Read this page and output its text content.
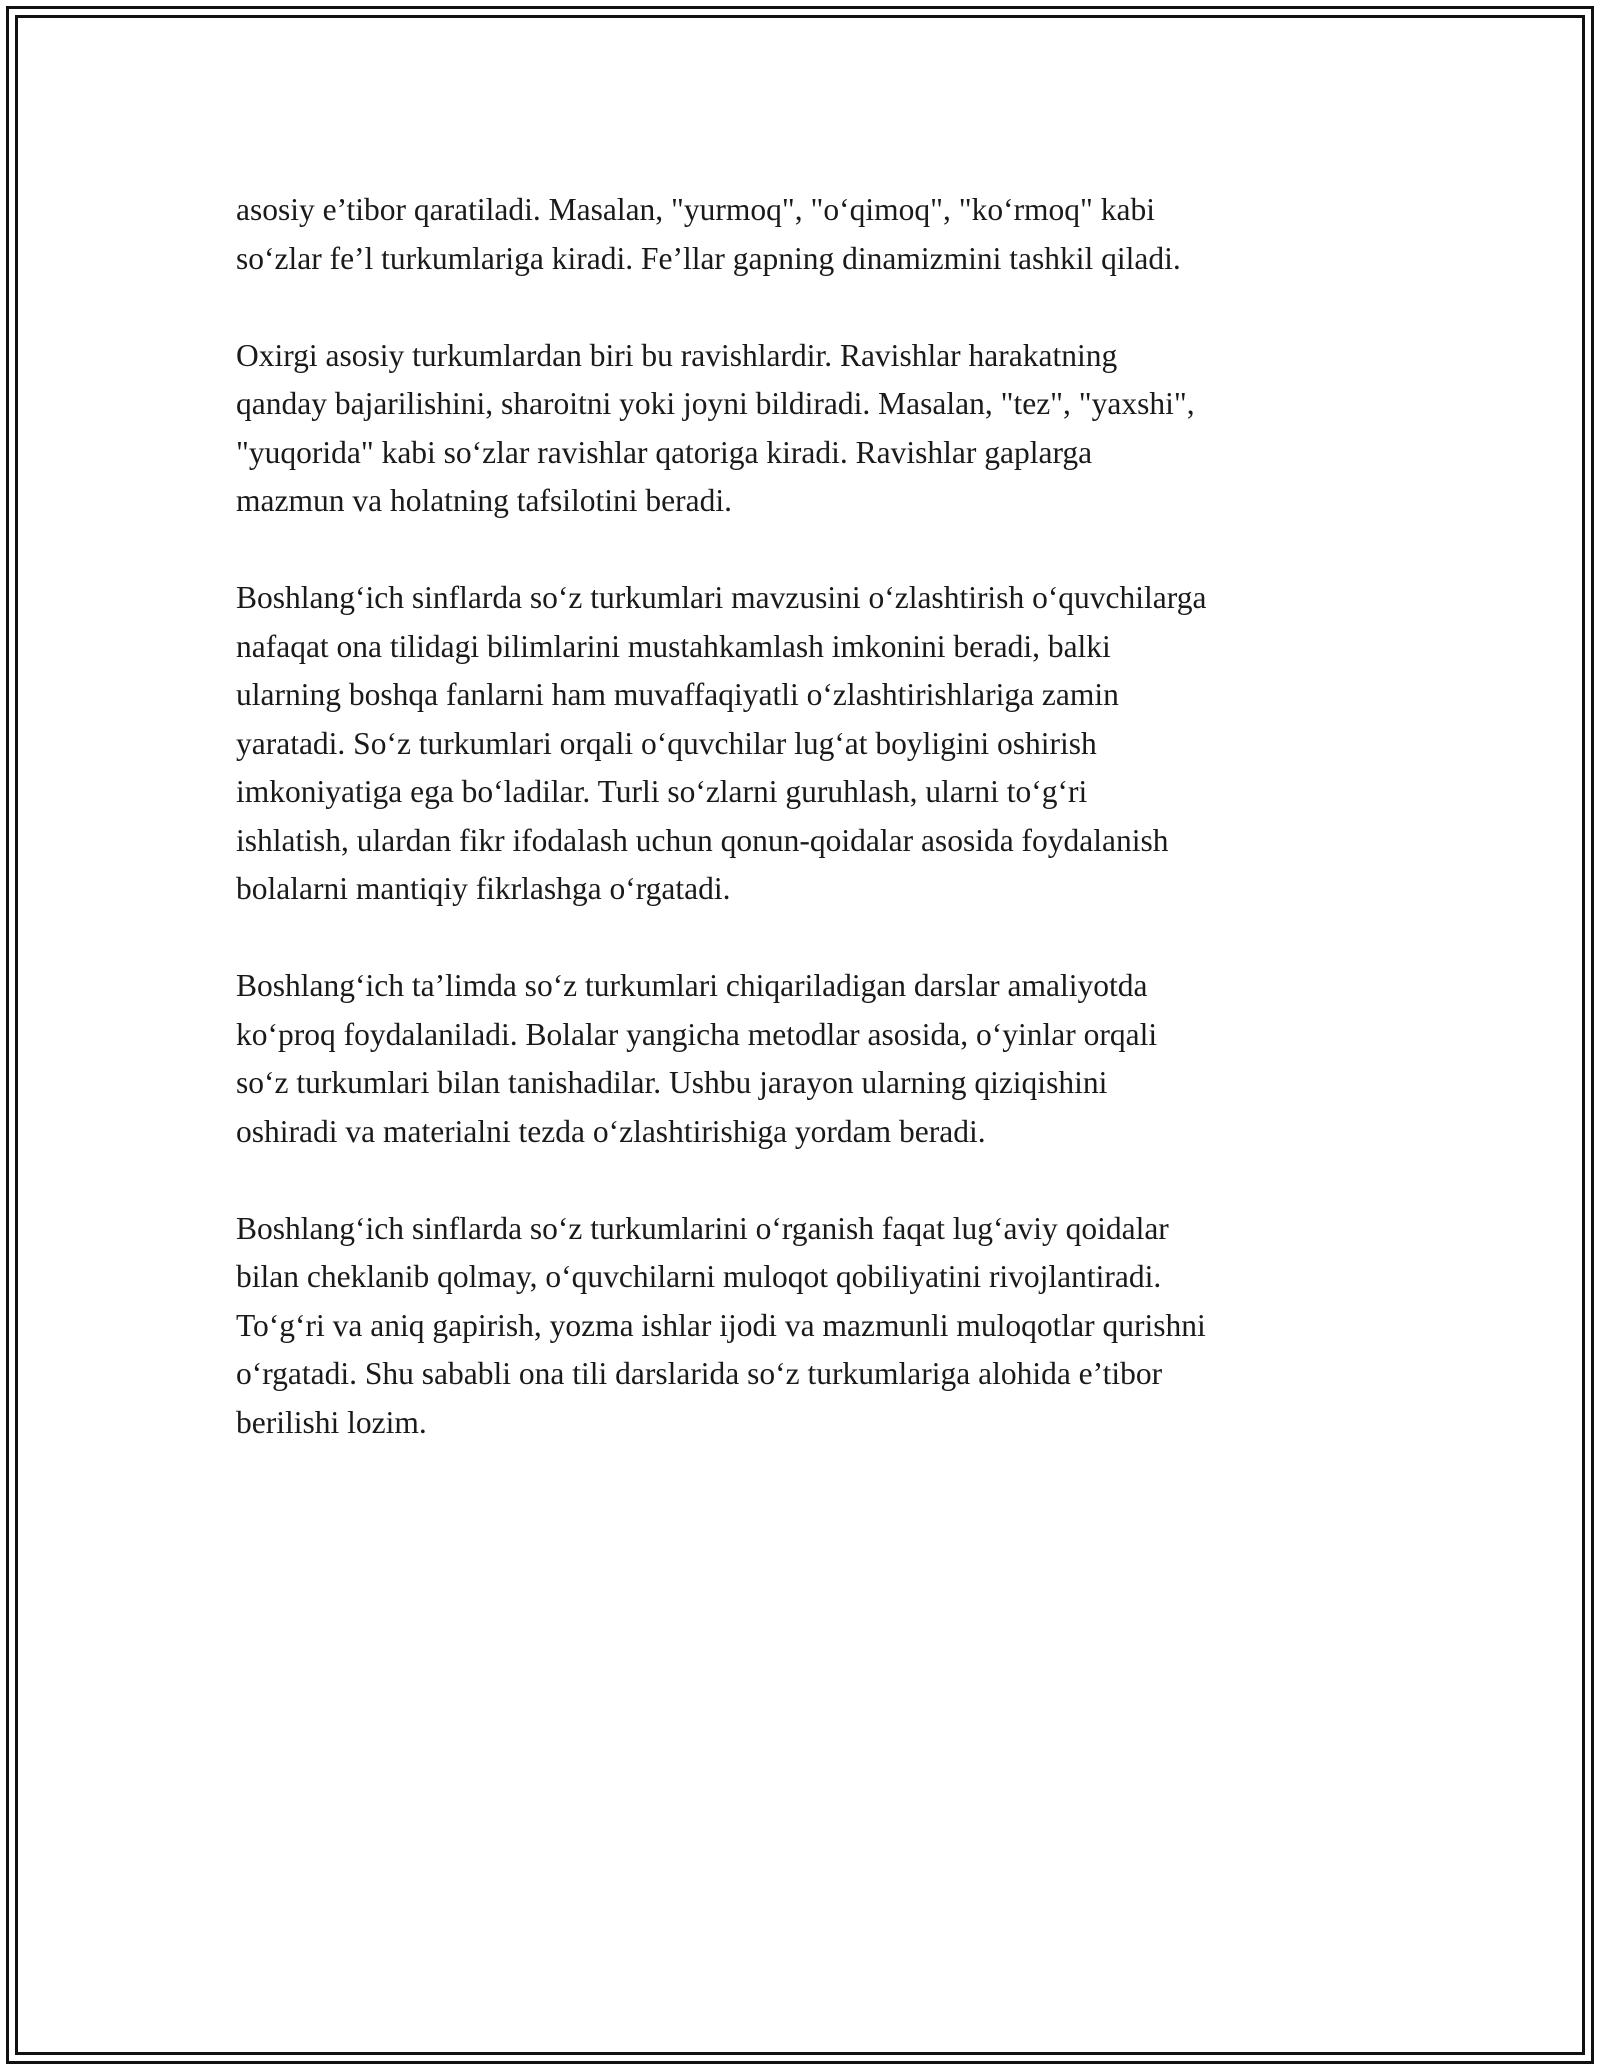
asosiy e’tibor qaratiladi. Masalan, "yurmoq", "o‘qimoq", "ko‘rmoq" kabi
so‘zlar fe’l turkumlariga kiradi. Fe’llar gapning dinamizmini tashkil qiladi.

Oxirgi asosiy turkumlardan biri bu ravishlardir. Ravishlar harakatning
qanday bajarilishini, sharoitni yoki joyni bildiradi. Masalan, "tez", "yaxshi",
"yuqorida" kabi so‘zlar ravishlar qatoriga kiradi. Ravishlar gaplarga
mazmun va holatning tafsilotini beradi.

Boshlang‘ich sinflarda so‘z turkumlari mavzusini o‘zlashtirish o‘quvchilarga
nafaqat ona tilidagi bilimlarini mustahkamlash imkonini beradi, balki
ularning boshqa fanlarni ham muvaffaqiyatli o‘zlashtirishlariga zamin
yaratadi. So‘z turkumlari orqali o‘quvchilar lug‘at boyligini oshirish
imkoniyatiga ega bo‘ladilar. Turli so‘zlarni guruhlash, ularni to‘g‘ri
ishlatish, ulardan fikr ifodalash uchun qonun-qoidalar asosida foydalanish
bolalarni mantiqiy fikrlashga o‘rgatadi.

Boshlang‘ich ta’limda so‘z turkumlari chiqariladigan darslar amaliyotda
ko‘proq foydalaniladi. Bolalar yangicha metodlar asosida, o‘yinlar orqali
so‘z turkumlari bilan tanishadilar. Ushbu jarayon ularning qiziqishini
oshiradi va materialni tezda o‘zlashtirishiga yordam beradi.

Boshlang‘ich sinflarda so‘z turkumlarini o‘rganish faqat lug‘aviy qoidalar
bilan cheklanib qolmay, o‘quvchilarni muloqot qobiliyatini rivojlantiradi.
To‘g‘ri va aniq gapirish, yozma ishlar ijodi va mazmunli muloqotlar qurishni
o‘rgatadi. Shu sababli ona tili darslarida so‘z turkumlariga alohida e’tibor
berilishi lozim.
